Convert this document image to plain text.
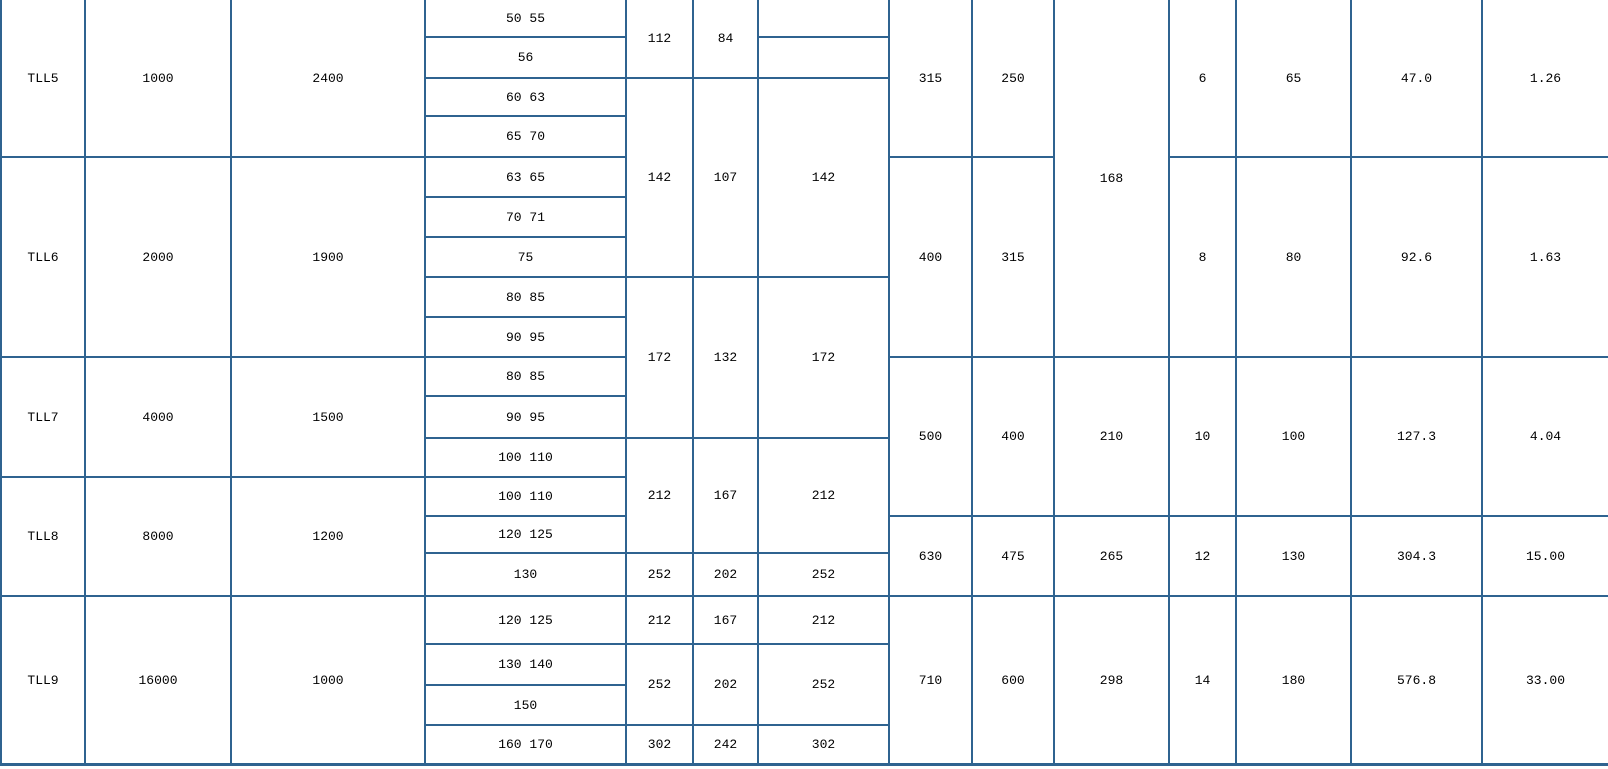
TLL5
TLL6
TLL7
TLL8
TLL9
1000
2000
4000
8000
16000
2400
1900
1500
1200
1000
50 55
56
60 63
65 70
63 65
70 71
75
80 85
90 95
80 85
90 95
100 110
100 110
120 125
130
120 125
130 140
150
160 170
112
142
172
212
252
212
252
302
84
107
132
167
202
167
202
242
142
172
212
252
212
252
302
315
400
500
630
710
250
315
400
475
600
168
210
265
298
6
8
10
12
14
65
80
100
130
180
47.0
92.6
127.3
304.3
576.8
1.26
1.63
4.04
15.00
33.00
